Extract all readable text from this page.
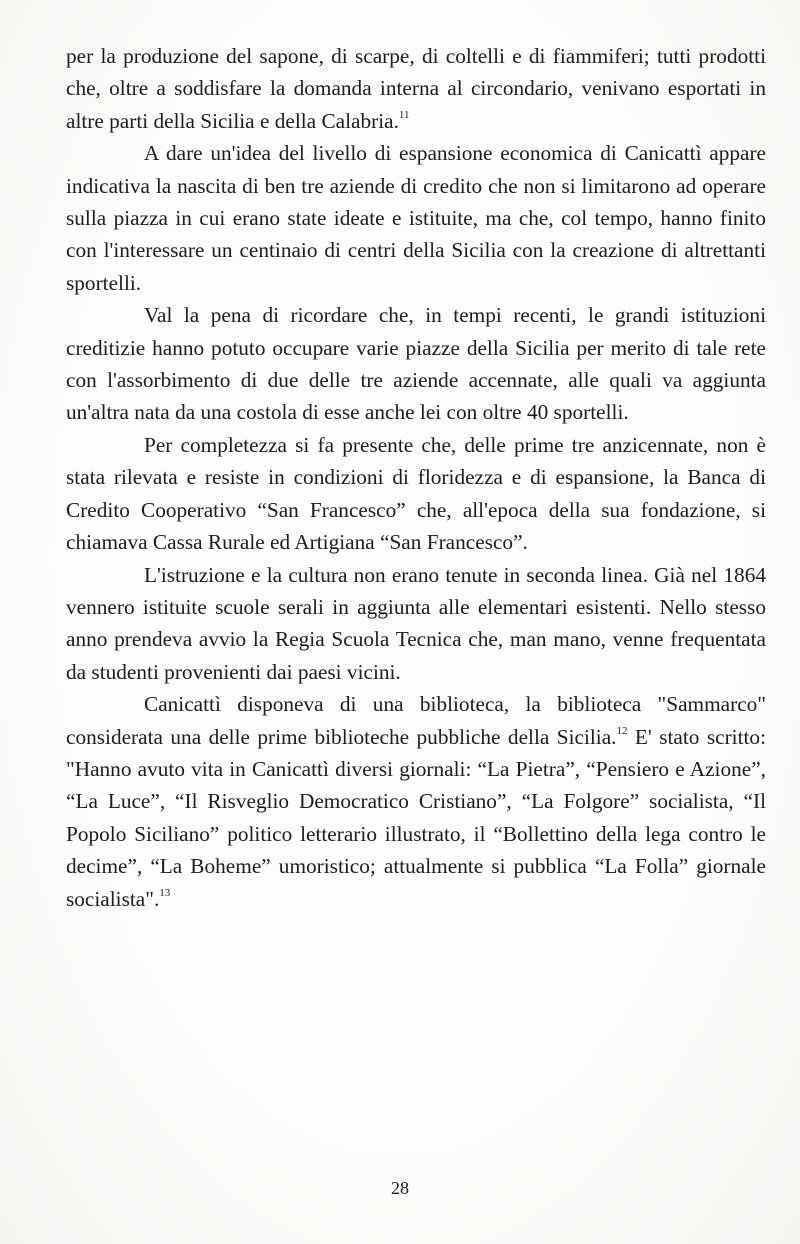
per la produzione del sapone, di scarpe, di coltelli e di fiammiferi; tutti prodotti che, oltre a soddisfare la domanda interna al circondario, venivano esportati in altre parti della Sicilia e della Calabria.$^{11}$

A dare un'idea del livello di espansione economica di Canicattì appare indicativa la nascita di ben tre aziende di credito che non si limitarono ad operare sulla piazza in cui erano state ideate e istituite, ma che, col tempo, hanno finito con l'interessare un centinaio di centri della Sicilia con la creazione di altrettanti sportelli.

Val la pena di ricordare che, in tempi recenti, le grandi istituzioni creditizie hanno potuto occupare varie piazze della Sicilia per merito di tale rete con l'assorbimento di due delle tre aziende accennate, alle quali va aggiunta un'altra nata da una costola di esse anche lei con oltre 40 sportelli.

Per completezza si fa presente che, delle prime tre anzicennate, non è stata rilevata e resiste in condizioni di floridezza e di espansione, la Banca di Credito Cooperativo “San Francesco” che, all'epoca della sua fondazione, si chiamava Cassa Rurale ed Artigiana “San Francesco”.

L'istruzione e la cultura non erano tenute in seconda linea. Già nel 1864 vennero istituite scuole serali in aggiunta alle elementari esistenti. Nello stesso anno prendeva avvio la Regia Scuola Tecnica che, man mano, venne frequentata da studenti provenienti dai paesi vicini.

Canicattì disponeva di una biblioteca, la biblioteca "Sammarco" considerata una delle prime biblioteche pubbliche della Sicilia.$^{12}$ E' stato scritto: "Hanno avuto vita in Canicattì diversi giornali: “La Pietra”, “Pensiero e Azione”, “La Luce”, “Il Risveglio Democratico Cristiano”, “La Folgore” socialista, “Il Popolo Siciliano” politico letterario illustrato, il “Bollettino della lega contro le decime”, “La Boheme” umoristico; attualmente si pubblica “La Folla” giornale socialista".$^{13}$

28
